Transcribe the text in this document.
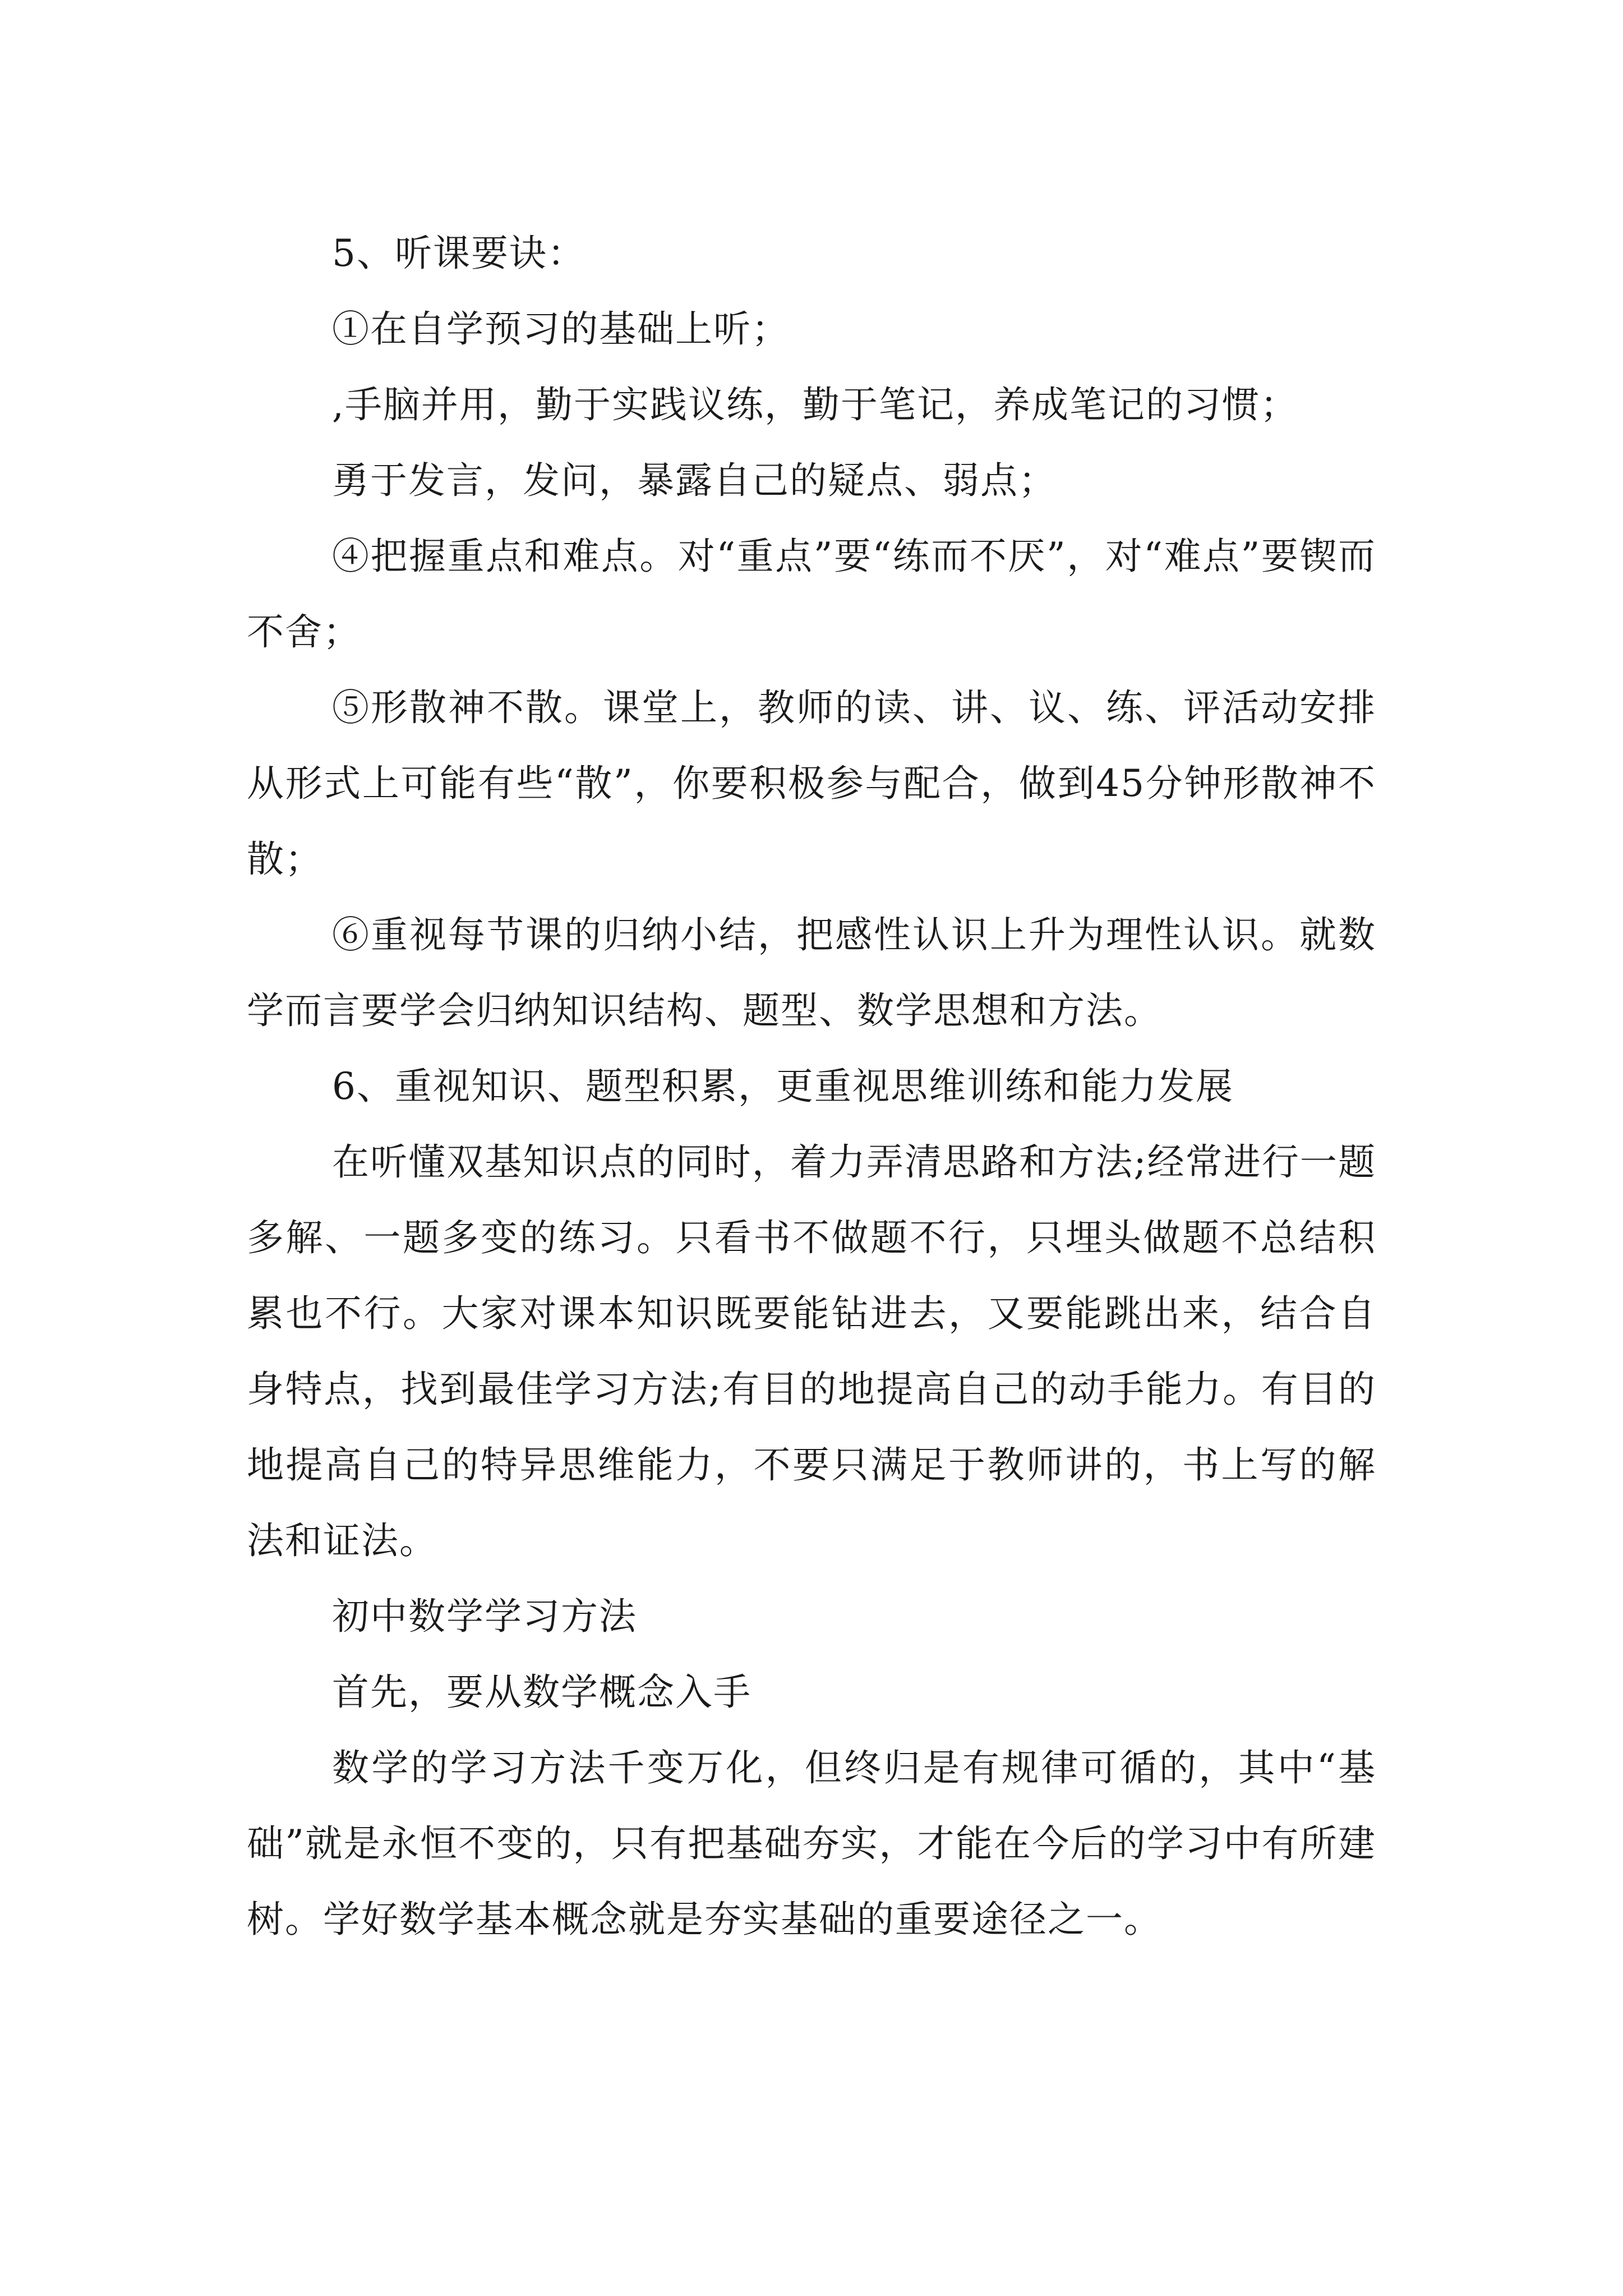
5、听课要诀：

①在自学预习的基础上听；

,手脑并用，勤于实践议练，勤于笔记，养成笔记的习惯；

勇于发言，发问，暴露自己的疑点、弱点；

④把握重点和难点。对“重点”要“练而不厌”，对“难点”要锲而不舍；

⑤形散神不散。课堂上，教师的读、讲、议、练、评活动安排从形式上可能有些“散”，你要积极参与配合，做到45分钟形散神不散；

⑥重视每节课的归纳小结，把感性认识上升为理性认识。就数学而言要学会归纳知识结构、题型、数学思想和方法。

6、重视知识、题型积累，更重视思维训练和能力发展

在听懂双基知识点的同时，着力弄清思路和方法;经常进行一题多解、一题多变的练习。只看书不做题不行，只埋头做题不总结积累也不行。大家对课本知识既要能钻进去，又要能跳出来，结合自身特点，找到最佳学习方法;有目的地提高自己的动手能力。有目的地提高自己的特异思维能力，不要只满足于教师讲的，书上写的解法和证法。

初中数学学习方法

首先，要从数学概念入手

数学的学习方法千变万化，但终归是有规律可循的，其中“基础”就是永恒不变的，只有把基础夯实，才能在今后的学习中有所建树。学好数学基本概念就是夯实基础的重要途径之一。
